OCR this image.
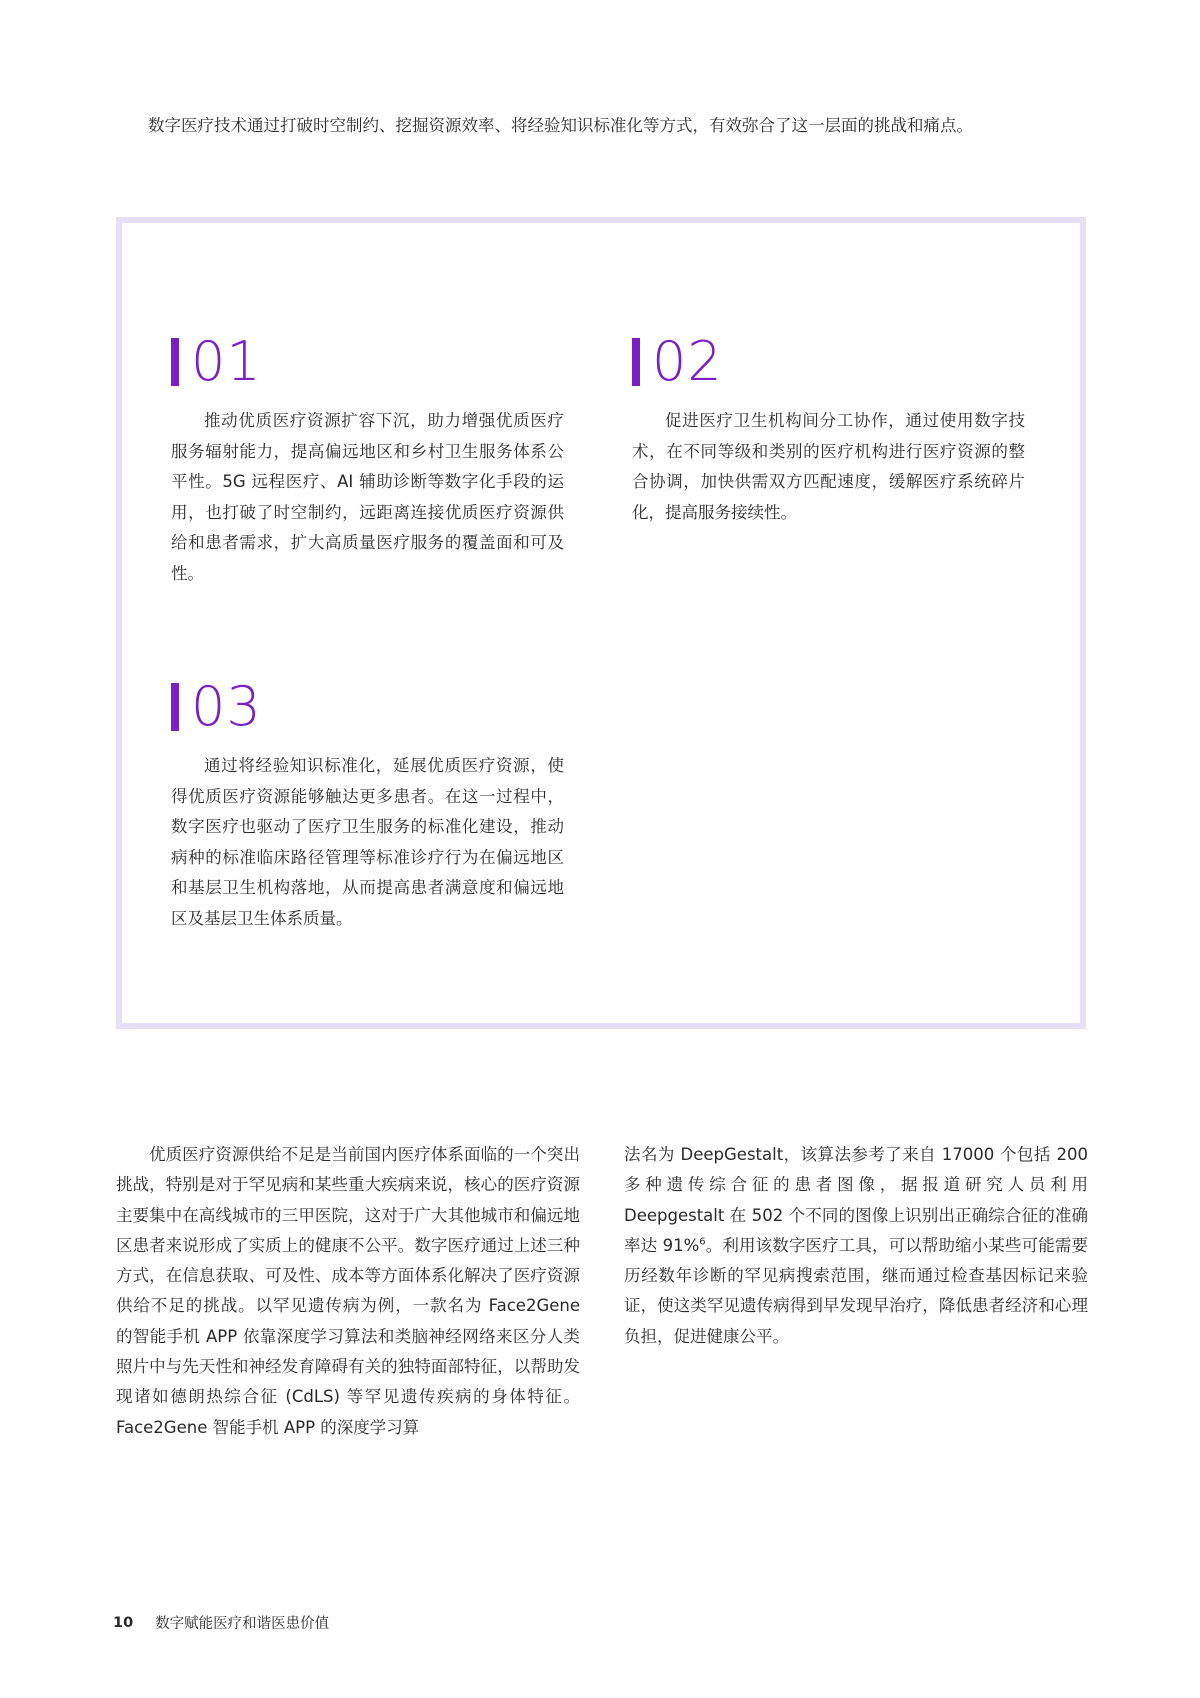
数字医疗技术通过打破时空制约、挖掘资源效率、将经验知识标准化等方式，有效弥合了这一层面的挑战和痛点。

01

推动优质医疗资源扩容下沉，助力增强优质医疗服务辐射能力，提高偏远地区和乡村卫生服务体系公平性。5G 远程医疗、AI 辅助诊断等数字化手段的运用，也打破了时空制约，远距离连接优质医疗资源供给和患者需求，扩大高质量医疗服务的覆盖面和可及性。

02

促进医疗卫生机构间分工协作，通过使用数字技术，在不同等级和类别的医疗机构进行医疗资源的整合协调，加快供需双方匹配速度，缓解医疗系统碎片化，提高服务接续性。

03

通过将经验知识标准化，延展优质医疗资源，使得优质医疗资源能够触达更多患者。在这一过程中，数字医疗也驱动了医疗卫生服务的标准化建设，推动病种的标准临床路径管理等标准诊疗行为在偏远地区和基层卫生机构落地，从而提高患者满意度和偏远地区及基层卫生体系质量。

优质医疗资源供给不足是当前国内医疗体系面临的一个突出挑战，特别是对于罕见病和某些重大疾病来说，核心的医疗资源主要集中在高线城市的三甲医院，这对于广大其他城市和偏远地区患者来说形成了实质上的健康不公平。数字医疗通过上述三种方式，在信息获取、可及性、成本等方面体系化解决了医疗资源供给不足的挑战。以罕见遗传病为例，一款名为 Face2Gene 的智能手机 APP 依靠深度学习算法和类脑神经网络来区分人类照片中与先天性和神经发育障碍有关的独特面部特征，以帮助发现诸如德朗热综合征 (CdLS) 等罕见遗传疾病的身体特征。Face2Gene 智能手机 APP 的深度学习算

法名为 DeepGestalt，该算法参考了来自 17000 个包括 200 多种遗传综合征的患者图像，据报道研究人员利用 Deepgestalt 在 502 个不同的图像上识别出正确综合征的准确率达 91%$^6$。利用该数字医疗工具，可以帮助缩小某些可能需要历经数年诊断的罕见病搜索范围，继而通过检查基因标记来验证，使这类罕见遗传病得到早发现早治疗，降低患者经济和心理负担，促进健康公平。

10 数字赋能医疗和谐医患价值
